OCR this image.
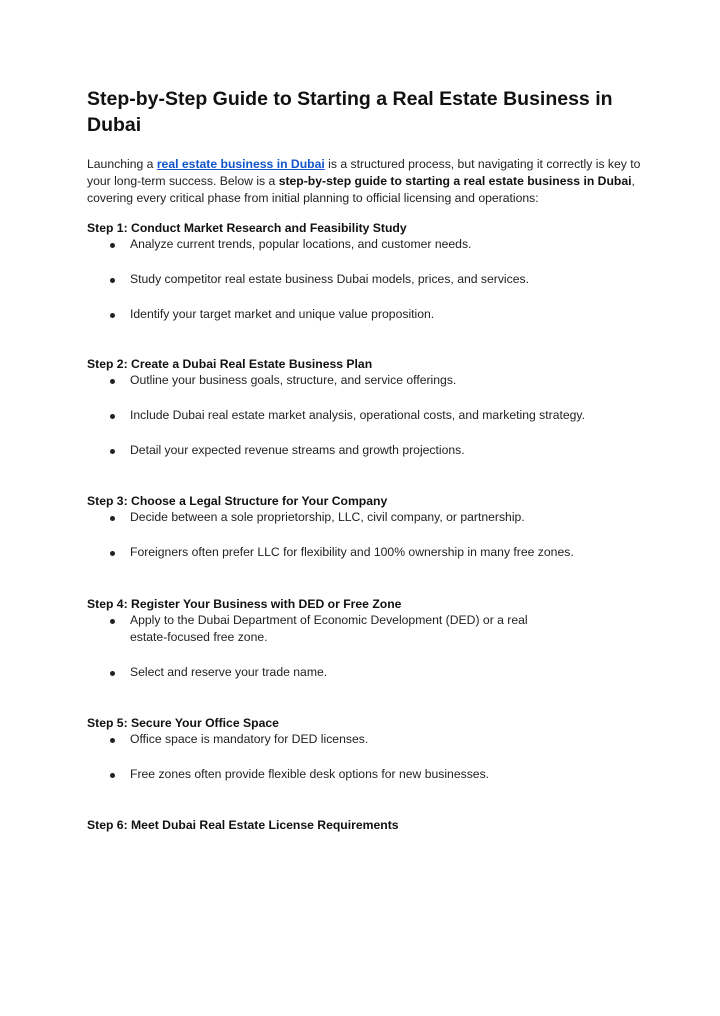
Step-by-Step Guide to Starting a Real Estate Business in Dubai

Launching a real estate business in Dubai is a structured process, but navigating it correctly is key to your long-term success. Below is a step-by-step guide to starting a real estate business in Dubai, covering every critical phase from initial planning to official licensing and operations:

Step 1: Conduct Market Research and Feasibility Study
Analyze current trends, popular locations, and customer needs.
Study competitor real estate business Dubai models, prices, and services.
Identify your target market and unique value proposition.
Step 2: Create a Dubai Real Estate Business Plan
Outline your business goals, structure, and service offerings.
Include Dubai real estate market analysis, operational costs, and marketing strategy.
Detail your expected revenue streams and growth projections.
Step 3: Choose a Legal Structure for Your Company
Decide between a sole proprietorship, LLC, civil company, or partnership.
Foreigners often prefer LLC for flexibility and 100% ownership in many free zones.
Step 4: Register Your Business with DED or Free Zone
Apply to the Dubai Department of Economic Development (DED) or a real estate-focused free zone.
Select and reserve your trade name.
Step 5: Secure Your Office Space
Office space is mandatory for DED licenses.
Free zones often provide flexible desk options for new businesses.
Step 6: Meet Dubai Real Estate License Requirements
